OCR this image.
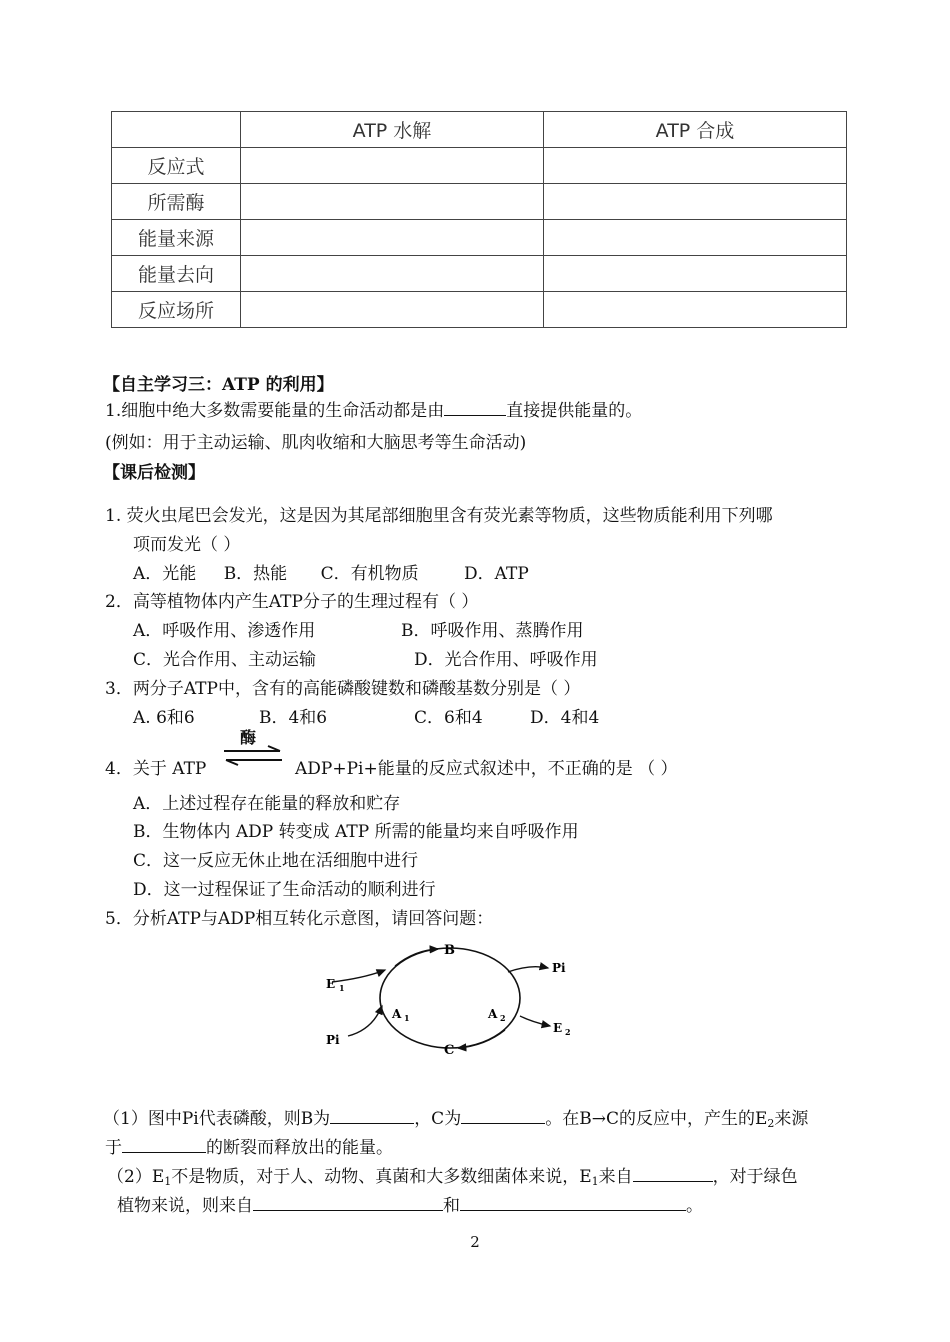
	ATP 水解	ATP 合成
反应式		
所需酶		
能量来源		
能量去向		
反应场所		
【自主学习三：ATP 的利用】
1.细胞中绝大多数需要能量的生命活动都是由	直接提供能量的。
(例如：用于主动运输、肌肉收缩和大脑思考等生命活动)
【课后检测】
1. 荧火虫尾巴会发光，这是因为其尾部细胞里含有荧光素等物质，这些物质能利用下列哪
项而发光（ ）
A．光能 B．热能 C．有机物质	D．ATP
2．高等植物体内产生ATP分子的生理过程有（ ）
A．呼吸作用、渗透作用	B．呼吸作用、蒸腾作用
C．光合作用、主动运输	D．光合作用、呼吸作用
3．两分子ATP中，含有的高能磷酸键数和磷酸基数分别是（ ）
A. 6和6	B．4和6	C．6和4	D．4和4
4．关于 ATP
酶
ADP+Pi+能量的反应式叙述中，不正确的是 （ ）
A．上述过程存在能量的释放和贮存
B．生物体内 ADP 转变成 ATP 所需的能量均来自呼吸作用
C．这一反应无休止地在活细胞中进行
D．这一过程保证了生命活动的顺利进行
5．分析ATP与ADP相互转化示意图，请回答问题：
B
C
Pi
E 1
A 1	A 2
E 2
Pi
（1）图中Pi代表磷酸，则B为	，C为	。在B→C的反应中，产生的$E_2$来源
于	的断裂而释放出的能量。
$(2)E_1$不是物质，对于人、动物、真菌和大多数细菌体来说，$E_1$来自	，对于绿色
植物来说，则来自	和	。
2
